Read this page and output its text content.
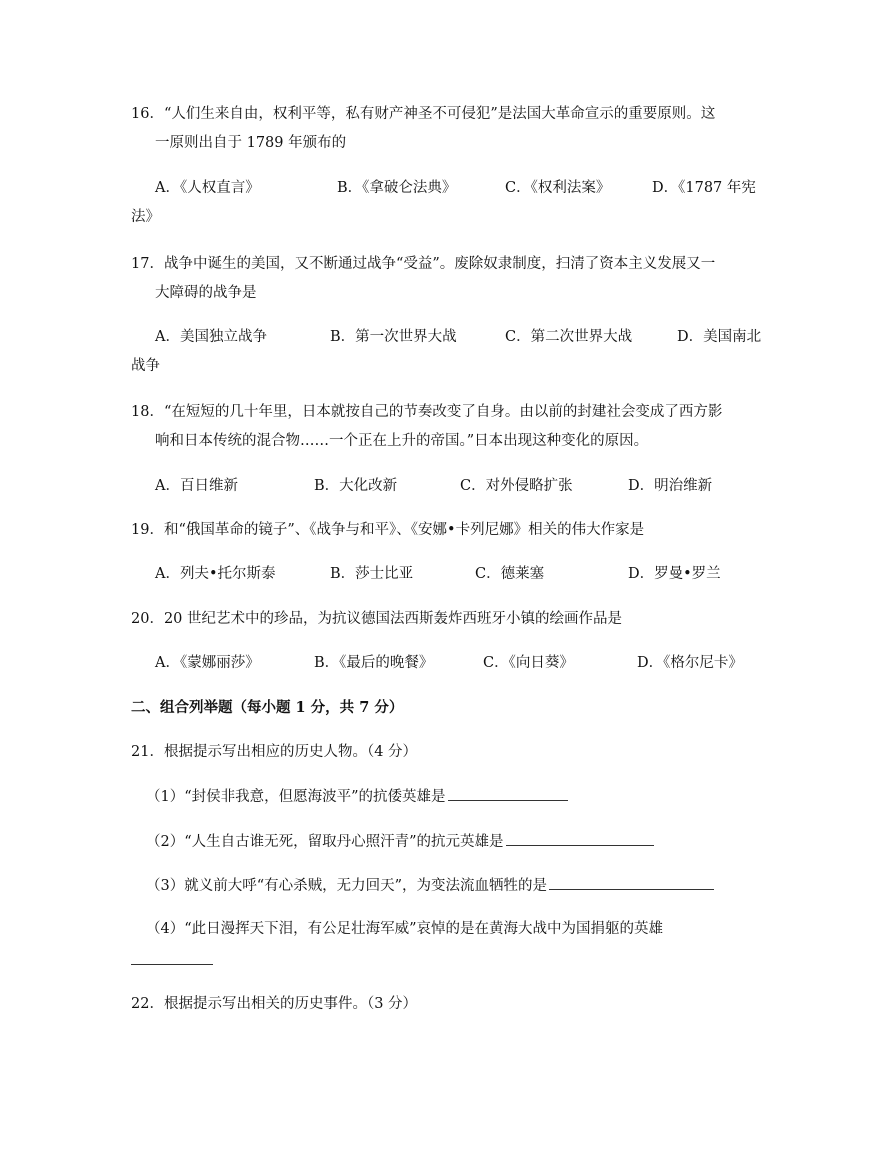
16．“人们生来自由，权利平等，私有财产神圣不可侵犯”是法国大革命宣示的重要原则。这
一原则出自于 1789 年颁布的
A．《人权直言》	B．《拿破仑法典》	C．《权利法案》	D．《1787 年宪
法》
17．战争中诞生的美国，又不断通过战争“受益”。废除奴隶制度，扫清了资本主义发展又一
大障碍的战争是
A．美国独立战争	B．第一次世界大战	C．第二次世界大战	D．美国南北
战争
18．“在短短的几十年里，日本就按自己的节奏改变了自身。由以前的封建社会变成了西方影
响和日本传统的混合物……一个正在上升的帝国。”日本出现这种变化的原因。
A．百日维新	B．大化改新	C．对外侵略扩张	D．明治维新
19．和“俄国革命的镜子”、《战争与和平》、《安娜•卡列尼娜》相关的伟大作家是
A．列夫•托尔斯泰	B．莎士比亚	C．德莱塞	D．罗曼•罗兰
20．20 世纪艺术中的珍品，为抗议德国法西斯轰炸西班牙小镇的绘画作品是
A．《蒙娜丽莎》	B．《最后的晚餐》	C．《向日葵》	D．《格尔尼卡》
二、组合列举题（每小题 1 分，共 7 分）
21．根据提示写出相应的历史人物。（4 分）
（1）“封侯非我意，但愿海波平”的抗倭英雄是
（2）“人生自古谁无死，留取丹心照汗青”的抗元英雄是
（3）就义前大呼“有心杀贼，无力回天”，为变法流血牺牲的是
（4）“此日漫挥天下泪，有公足壮海军威”哀悼的是在黄海大战中为国捐躯的英雄
22．根据提示写出相关的历史事件。（3 分）
